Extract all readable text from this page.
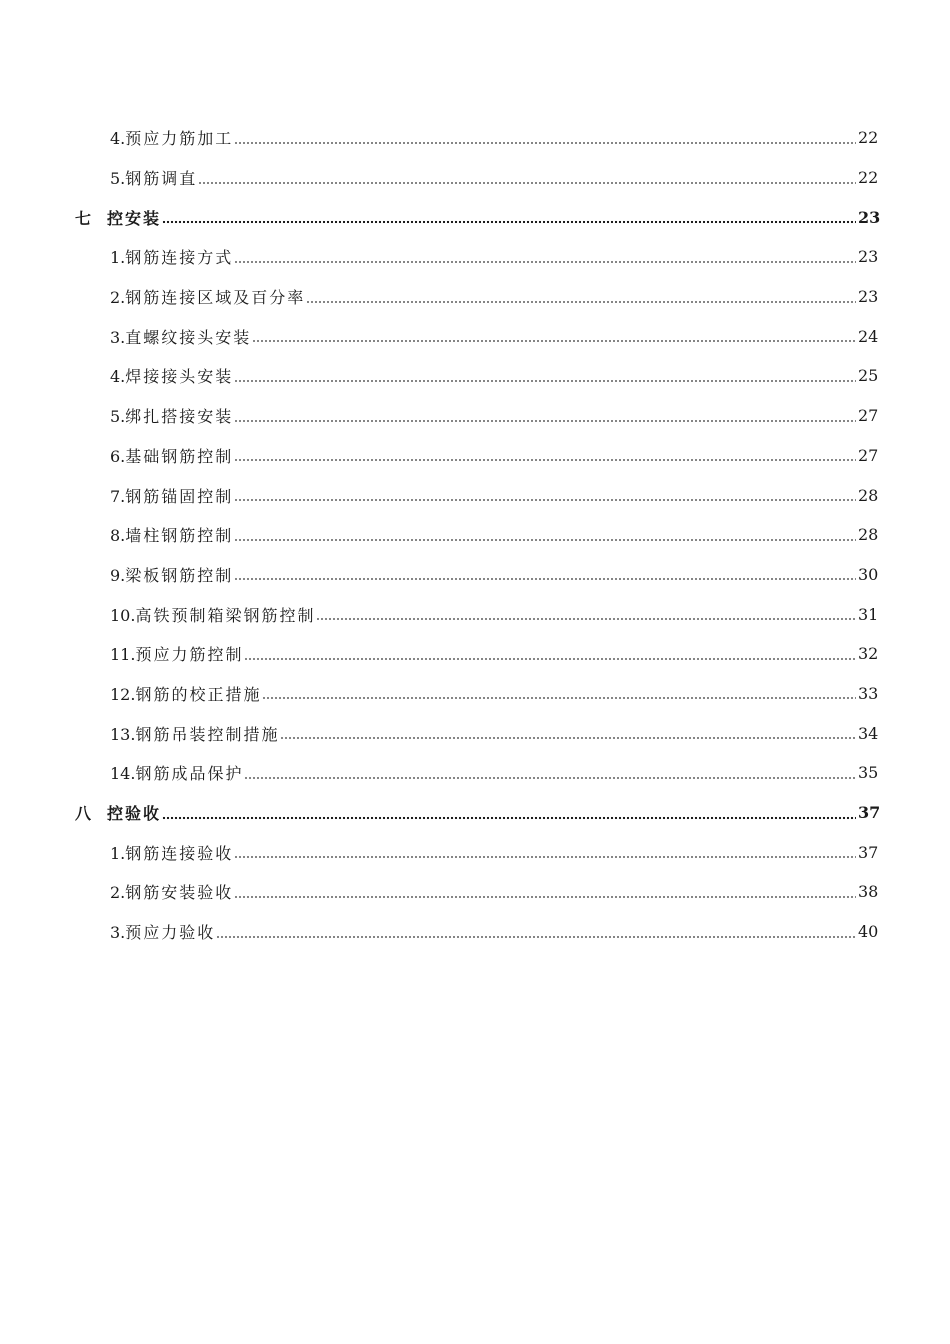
4. 预应力筋加工	22
5. 钢筋调直	22
七 控安装	23
1. 钢筋连接方式	23
2. 钢筋连接区域及百分率	23
3. 直螺纹接头安装	24
4. 焊接接头安装	25
5. 绑扎搭接安装	27
6. 基础钢筋控制	27
7. 钢筋锚固控制	28
8. 墙柱钢筋控制	28
9. 梁板钢筋控制	30
10. 高铁预制箱梁钢筋控制	31
11. 预应力筋控制	32
12. 钢筋的校正措施	33
13. 钢筋吊装控制措施	34
14. 钢筋成品保护	35
八 控验收	37
1. 钢筋连接验收	37
2. 钢筋安装验收	38
3. 预应力验收	40
